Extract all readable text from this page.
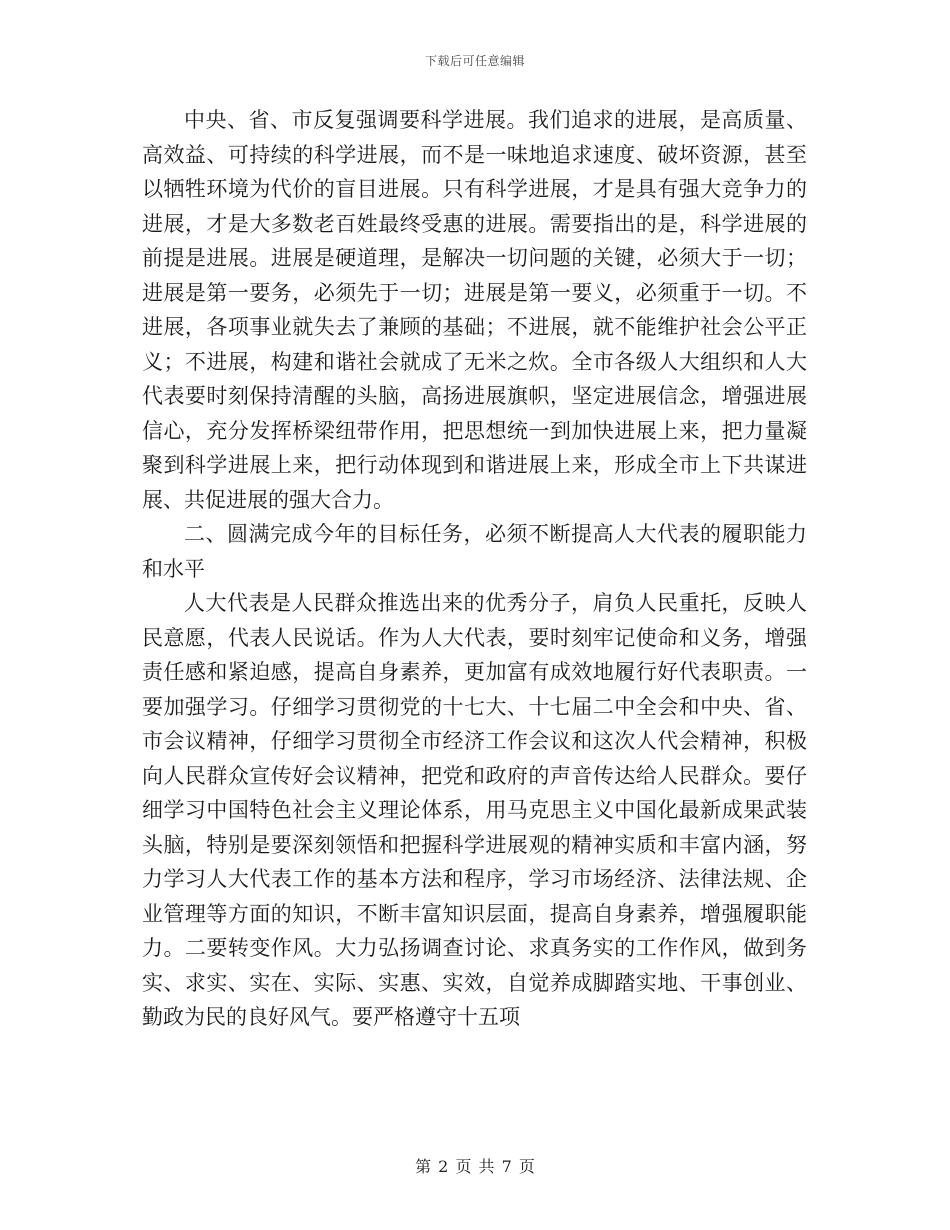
下载后可任意编辑

中央、省、市反复强调要科学进展。我们追求的进展，是高质量、高效益、可持续的科学进展，而不是一味地追求速度、破坏资源，甚至以牺牲环境为代价的盲目进展。只有科学进展，才是具有强大竞争力的进展，才是大多数老百姓最终受惠的进展。需要指出的是，科学进展的前提是进展。进展是硬道理，是解决一切问题的关键，必须大于一切；进展是第一要务，必须先于一切；进展是第一要义，必须重于一切。不进展，各项事业就失去了兼顾的基础；不进展，就不能维护社会公平正义；不进展，构建和谐社会就成了无米之炊。全市各级人大组织和人大代表要时刻保持清醒的头脑，高扬进展旗帜，坚定进展信念，增强进展信心，充分发挥桥梁纽带作用，把思想统一到加快进展上来，把力量凝聚到科学进展上来，把行动体现到和谐进展上来，形成全市上下共谋进展、共促进展的强大合力。

二、圆满完成今年的目标任务，必须不断提高人大代表的履职能力和水平

人大代表是人民群众推选出来的优秀分子，肩负人民重托，反映人民意愿，代表人民说话。作为人大代表，要时刻牢记使命和义务，增强责任感和紧迫感，提高自身素养，更加富有成效地履行好代表职责。一要加强学习。仔细学习贯彻党的十七大、十七届二中全会和中央、省、市会议精神，仔细学习贯彻全市经济工作会议和这次人代会精神，积极向人民群众宣传好会议精神，把党和政府的声音传达给人民群众。要仔细学习中国特色社会主义理论体系，用马克思主义中国化最新成果武装头脑，特别是要深刻领悟和把握科学进展观的精神实质和丰富内涵，努力学习人大代表工作的基本方法和程序，学习市场经济、法律法规、企业管理等方面的知识，不断丰富知识层面，提高自身素养，增强履职能力。二要转变作风。大力弘扬调查讨论、求真务实的工作作风，做到务实、求实、实在、实际、实惠、实效，自觉养成脚踏实地、干事创业、勤政为民的良好风气。要严格遵守十五项

第 2 页 共 7 页
